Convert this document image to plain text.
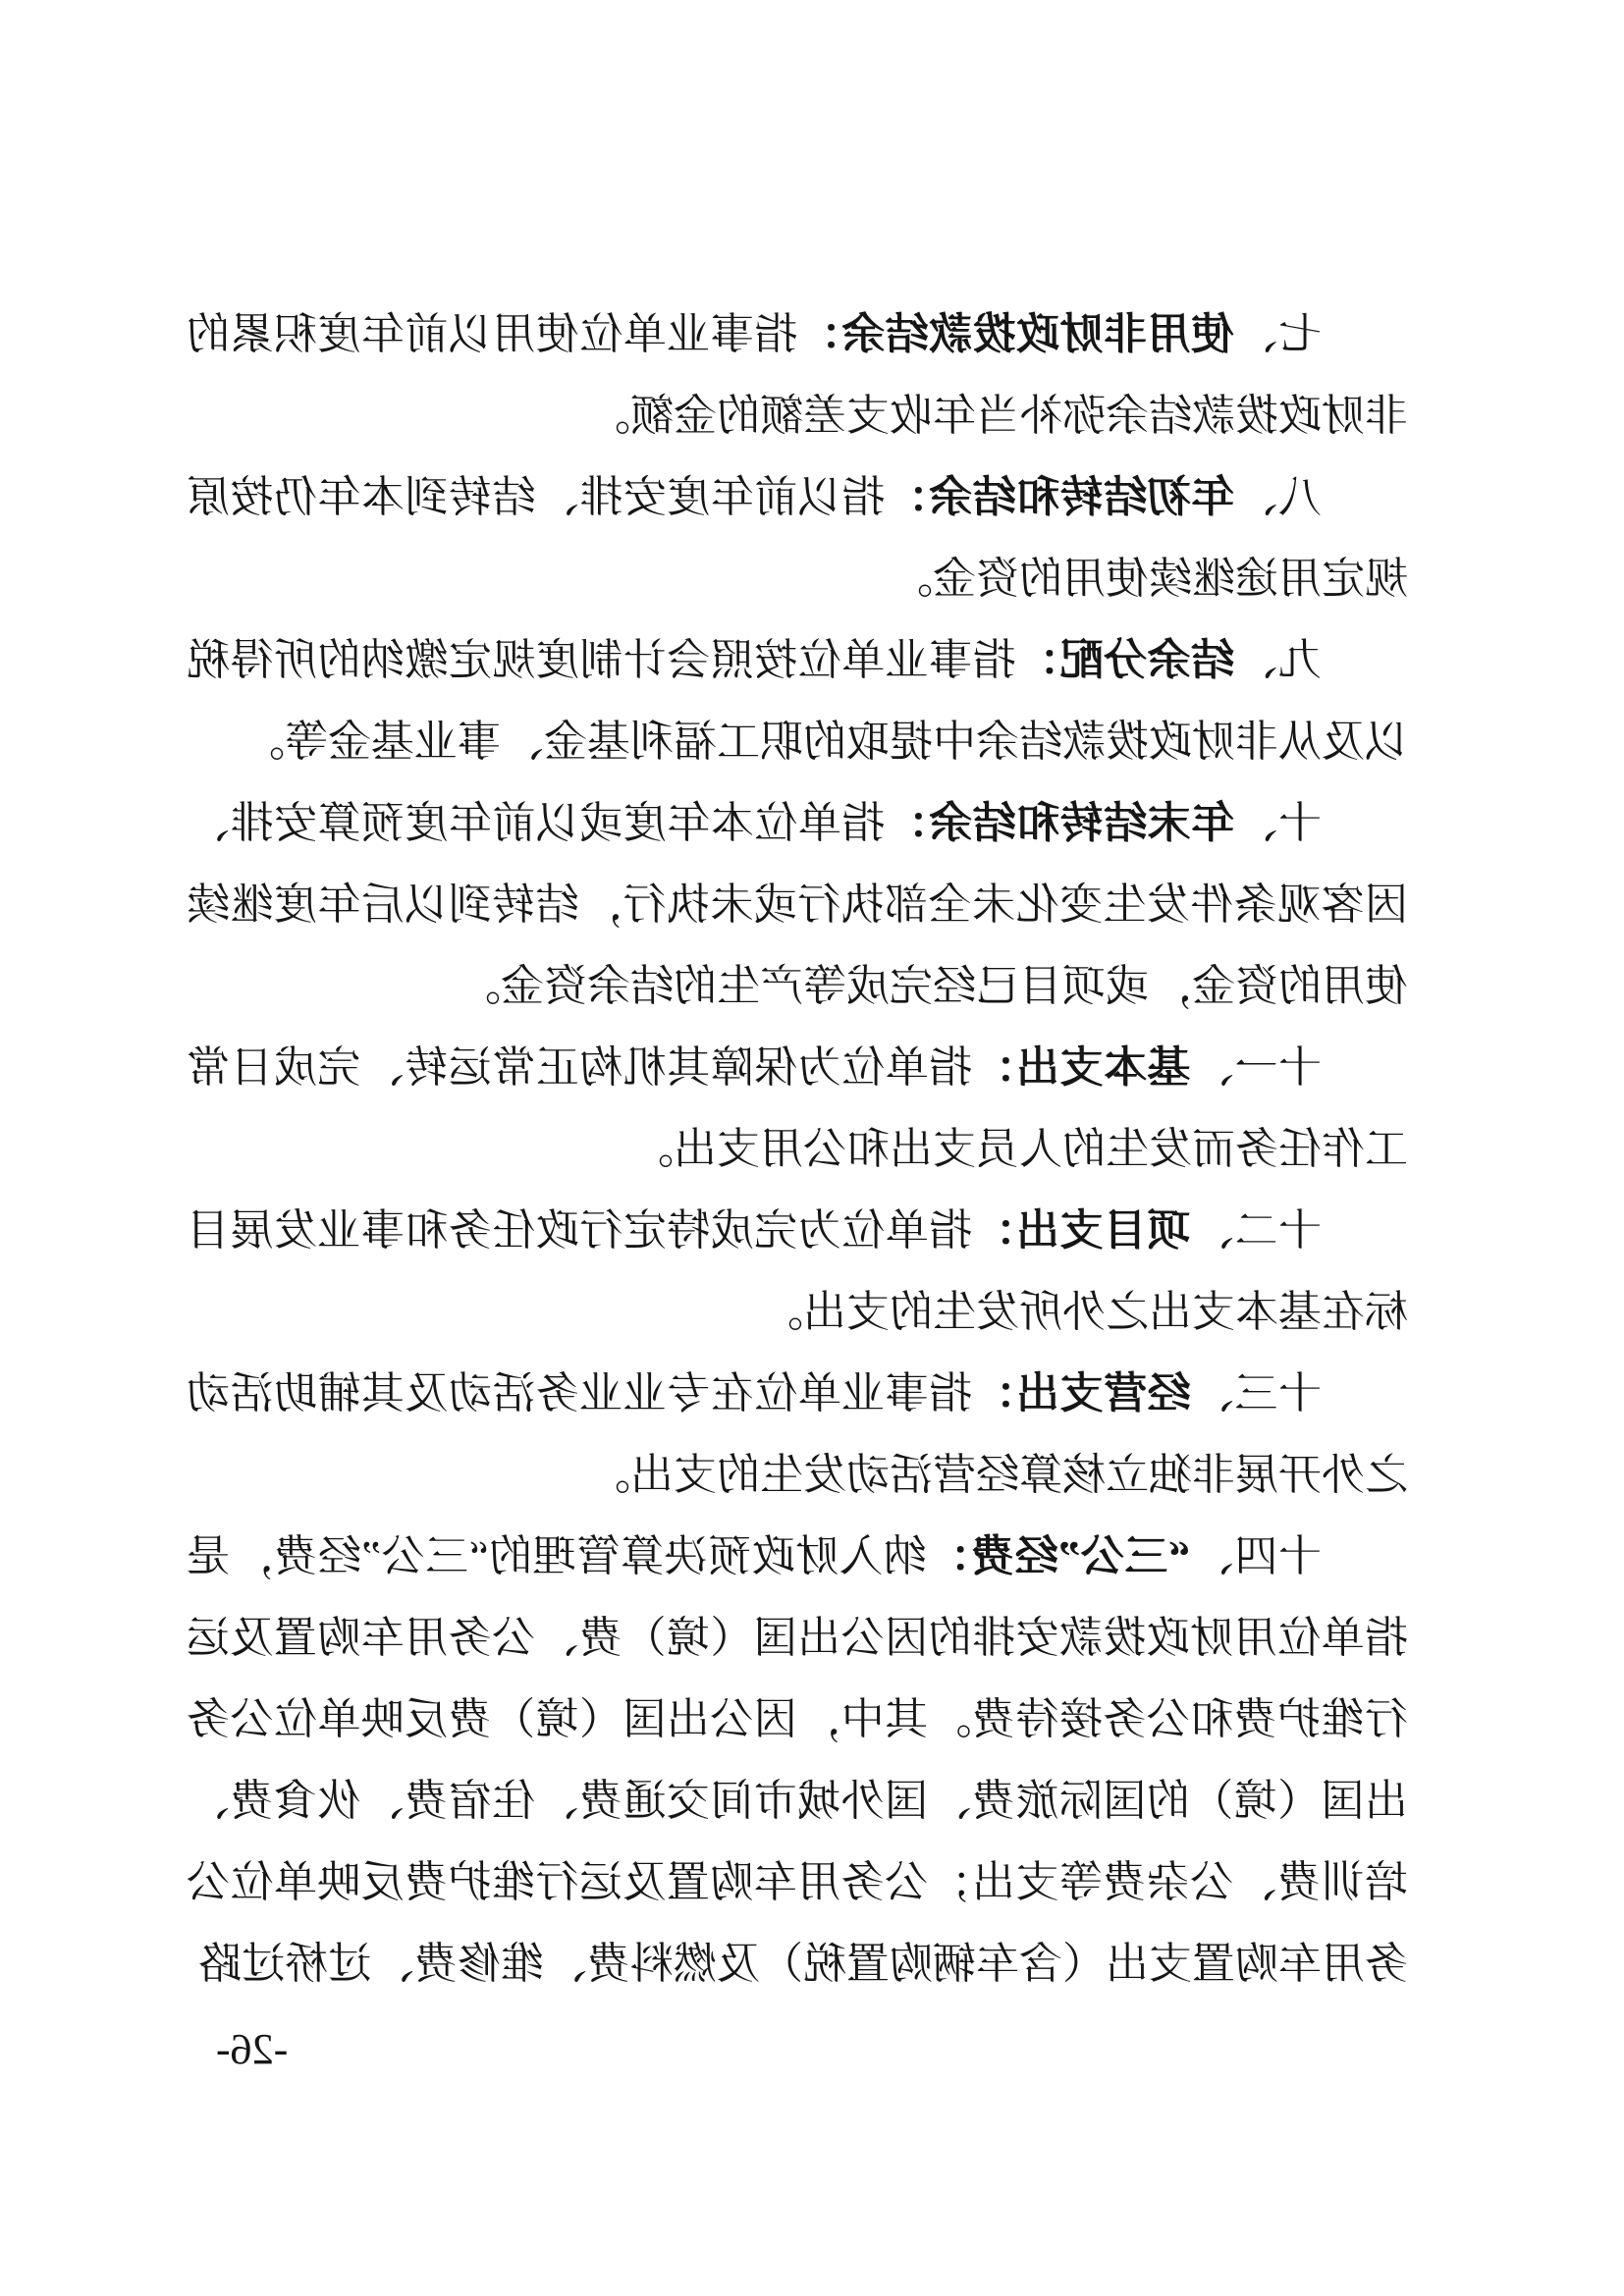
七、使用非财政拨款结余：指事业单位使用以前年度积累的非财政拨款结余弥补当年收支差额的金额。

八、年初结转和结余：指以前年度安排、结转到本年仍按原规定用途继续使用的资金。

九、结余分配：指事业单位按照会计制度规定缴纳的所得税以及从非财政拨款结余中提取的职工福利基金、事业基金等。

十、年末结转和结余：指单位本年度或以前年度预算安排、因客观条件发生变化未全部执行或未执行，结转到以后年度继续使用的资金，或项目已经完成等产生的结余资金。

十一、基本支出：指单位为保障其机构正常运转、完成日常工作任务而发生的人员支出和公用支出。

十二、项目支出：指单位为完成特定行政任务和事业发展目标在基本支出之外所发生的支出。

十三、经营支出：指事业单位在专业业务活动及其辅助活动之外开展非独立核算经营活动发生的支出。

十四、“三公”经费：纳入财政预决算管理的“三公”经费，是指单位用财政拨款安排的因公出国（境）费、公务用车购置及运行维护费和公务接待费。其中，因公出国（境）费反映单位公务出国（境）的国际旅费、国外城市间交通费、住宿费、伙食费、培训费、公杂费等支出；公务用车购置及运行维护费反映单位公务用车购置支出（含车辆购置税）及燃料费、维修费、过桥过路

-26-
